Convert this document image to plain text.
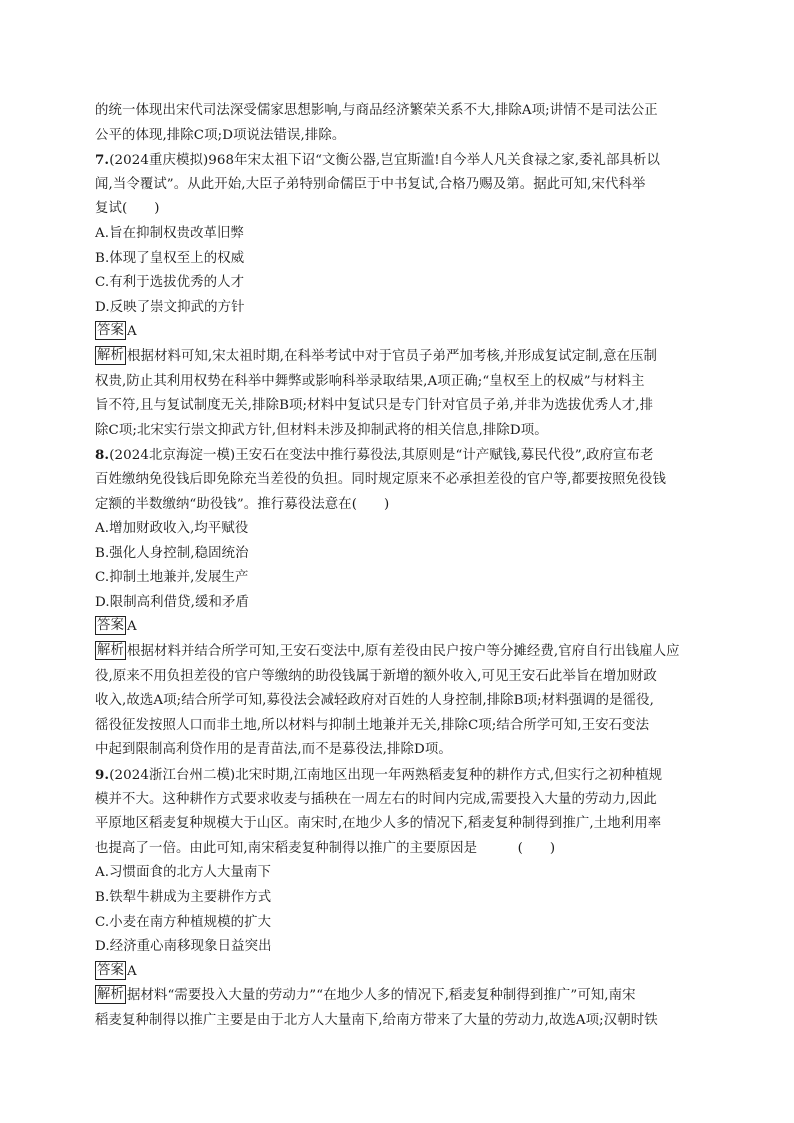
的统一体现出宋代司法深受儒家思想影响,与商品经济繁荣关系不大,排除A项;讲情不是司法公正
公平的体现,排除C项;D项说法错误,排除。
7.(2024重庆模拟)968年宋太祖下诏“文衡公器,岂宜斯滥!自今举人凡关食禄之家,委礼部具析以
闻,当令覆试”。从此开始,大臣子弟特别命儒臣于中书复试,合格乃赐及第。据此可知,宋代科举
复试(　　)
A.旨在抑制权贵改革旧弊
B.体现了皇权至上的权威
C.有利于选拔优秀的人才
D.反映了崇文抑武的方针
答案 A
解析 根据材料可知,宋太祖时期,在科举考试中对于官员子弟严加考核,并形成复试定制,意在压制
权贵,防止其利用权势在科举中舞弊或影响科举录取结果,A项正确;“皇权至上的权威”与材料主
旨不符,且与复试制度无关,排除B项;材料中复试只是专门针对官员子弟,并非为选拔优秀人才,排
除C项;北宋实行崇文抑武方针,但材料未涉及抑制武将的相关信息,排除D项。
8.(2024北京海淀一模)王安石在变法中推行募役法,其原则是“计产赋钱,募民代役”,政府宣布老
百姓缴纳免役钱后即免除充当差役的负担。同时规定原来不必承担差役的官户等,都要按照免役钱
定额的半数缴纳“助役钱”。推行募役法意在(　　)
A.增加财政收入,均平赋役
B.强化人身控制,稳固统治
C.抑制土地兼并,发展生产
D.限制高利借贷,缓和矛盾
答案 A
解析 根据材料并结合所学可知,王安石变法中,原有差役由民户按户等分摊经费,官府自行出钱雇人应
役,原来不用负担差役的官户等缴纳的助役钱属于新增的额外收入,可见王安石此举旨在增加财政
收入,故选A项;结合所学可知,募役法会减轻政府对百姓的人身控制,排除B项;材料强调的是徭役,
徭役征发按照人口而非土地,所以材料与抑制土地兼并无关,排除C项;结合所学可知,王安石变法
中起到限制高利贷作用的是青苗法,而不是募役法,排除D项。
9.(2024浙江台州二模)北宋时期,江南地区出现一年两熟稻麦复种的耕作方式,但实行之初种植规
模并不大。这种耕作方式要求收麦与插秧在一周左右的时间内完成,需要投入大量的劳动力,因此
平原地区稻麦复种规模大于山区。南宋时,在地少人多的情况下,稻麦复种制得到推广,土地利用率
也提高了一倍。由此可知,南宋稻麦复种制得以推广的主要原因是　　　(　　)
A.习惯面食的北方人大量南下
B.铁犁牛耕成为主要耕作方式
C.小麦在南方种植规模的扩大
D.经济重心南移现象日益突出
答案 A
解析 据材料“需要投入大量的劳动力”“在地少人多的情况下,稻麦复种制得到推广”可知,南宋
稻麦复种制得以推广主要是由于北方人大量南下,给南方带来了大量的劳动力,故选A项;汉朝时铁
